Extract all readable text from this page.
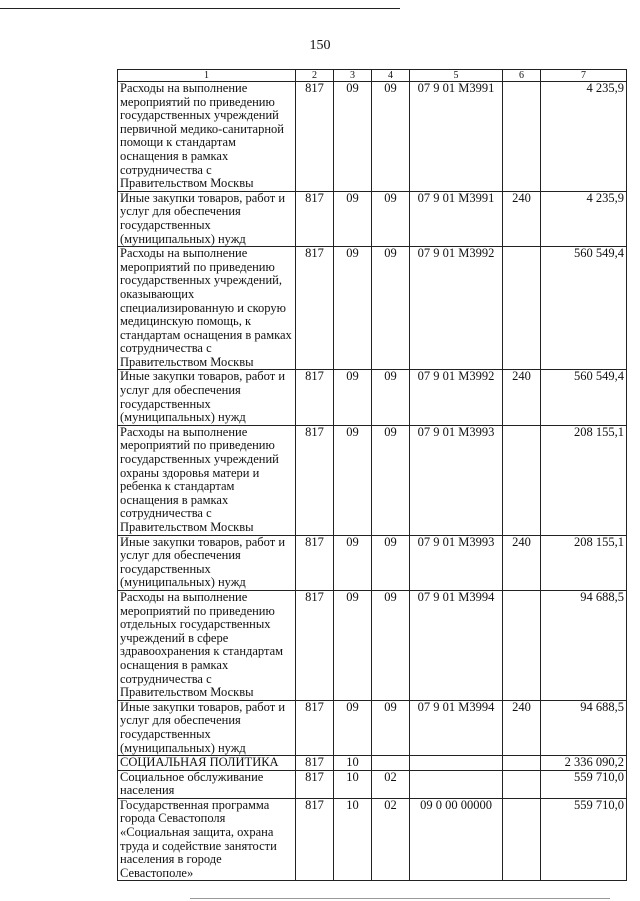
150
1	2	3	4	5	6	7
Расходы на выполнение мероприятий по приведению государственных учреждений первичной медико-санитарной помощи к стандартам оснащения в рамках сотрудничества с Правительством Москвы	817	09	09	07 9 01 M3991		4 235,9
Иные закупки товаров, работ и услуг для обеспечения государственных (муниципальных) нужд	817	09	09	07 9 01 M3991	240	4 235,9
Расходы на выполнение мероприятий по приведению государственных учреждений, оказывающих специализированную и скорую медицинскую помощь, к стандартам оснащения в рамках сотрудничества с Правительством Москвы	817	09	09	07 9 01 M3992		560 549,4
Иные закупки товаров, работ и услуг для обеспечения государственных (муниципальных) нужд	817	09	09	07 9 01 M3992	240	560 549,4
Расходы на выполнение мероприятий по приведению государственных учреждений охраны здоровья матери и ребенка к стандартам оснащения в рамках сотрудничества с Правительством Москвы	817	09	09	07 9 01 M3993		208 155,1
Иные закупки товаров, работ и услуг для обеспечения государственных (муниципальных) нужд	817	09	09	07 9 01 M3993	240	208 155,1
Расходы на выполнение мероприятий по приведению отдельных государственных учреждений в сфере здравоохранения к стандартам оснащения в рамках сотрудничества с Правительством Москвы	817	09	09	07 9 01 M3994		94 688,5
Иные закупки товаров, работ и услуг для обеспечения государственных (муниципальных) нужд	817	09	09	07 9 01 M3994	240	94 688,5
СОЦИАЛЬНАЯ ПОЛИТИКА	817	10				2 336 090,2
Социальное обслуживание населения	817	10	02			559 710,0
Государственная программа города Севастополя «Социальная защита, охрана труда и содействие занятости населения в городе Севастополе»	817	10	02	09 0 00 00000		559 710,0
